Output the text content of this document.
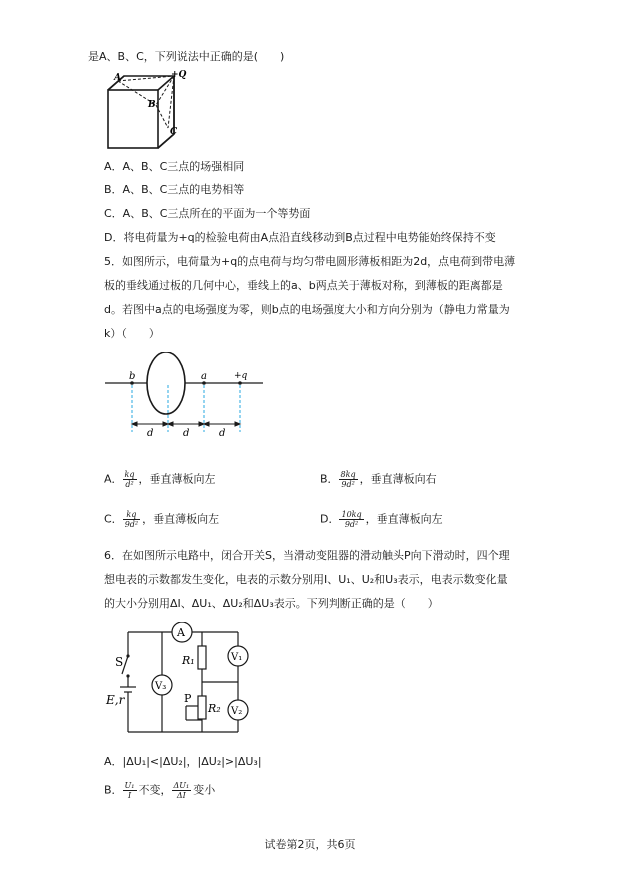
是A、B、C，下列说法中正确的是(　　)
A	+Q
B
C
A．A、B、C三点的场强相同
B．A、B、C三点的电势相等
C．A、B、C三点所在的平面为一个等势面
D．将电荷量为+q的检验电荷由A点沿直线移动到B点过程中电势能始终保持不变
5．如图所示，电荷量为+q的点电荷与均匀带电圆形薄板相距为2d，点电荷到带电薄
板的垂线通过板的几何中心，垂线上的a、b两点关于薄板对称，到薄板的距离都是
d。若图中a点的电场强度为零，则b点的电场强度大小和方向分别为（静电力常量为
k）（　　）
b	a	+q
d	d	d
A． $\frac{kq}{\text{d²}}$ ，垂直薄板向左	B． $\frac{8kq}{\text{9d²}}$ ，垂直薄板向右
C． $\frac{kq}{\text{9d²}}$ ，垂直薄板向左	D． $\frac{10kq}{\text{9d²}}$ ，垂直薄板向左
6．在如图所示电路中，闭合开关S，当滑动变阻器的滑动触头P向下滑动时，四个理
想电表的示数都发生变化，电表的示数分别用I、U₁、U₂和U₃表示，电表示数变化量
的大小分别用ΔI、ΔU₁、ΔU₂和ΔU₃表示。下列判断正确的是（　　）
A
V₃
V₁
V₂
S
E,r
R₁
P
R₂
A．|ΔU₁|<|ΔU₂|，|ΔU₂|>|ΔU₃|
B． $\frac{\text{U₁}}{I}$ 不变， $\frac{\text{ΔU₁}}{\Delta I}$ 变小
试卷第2页，共6页
